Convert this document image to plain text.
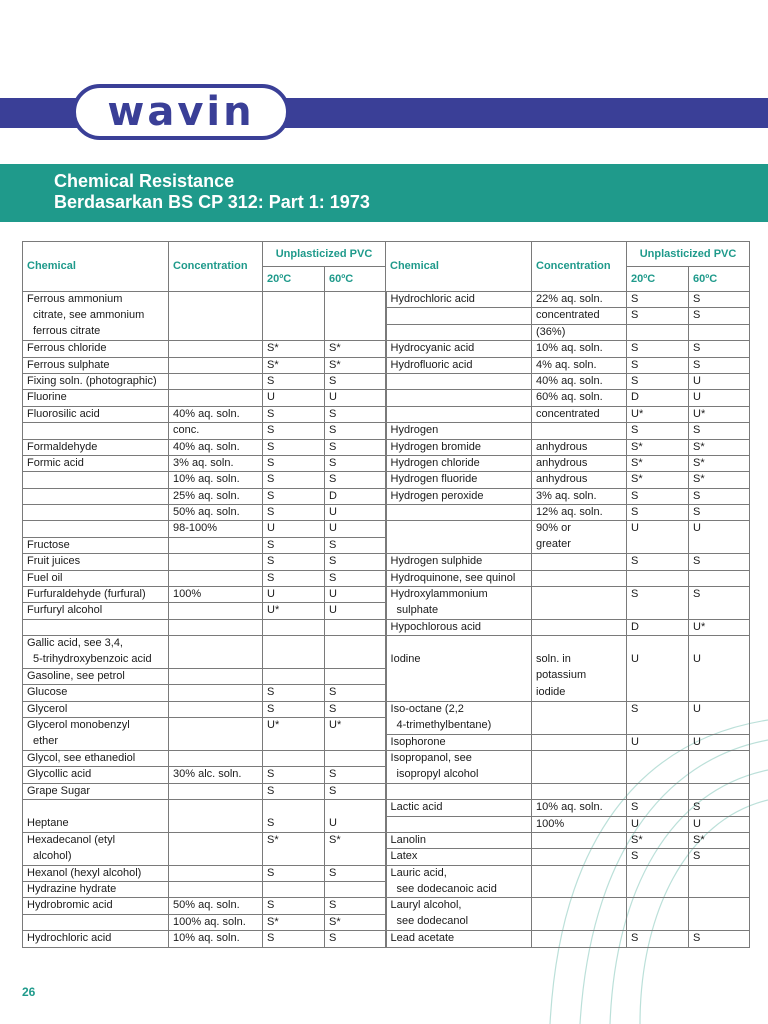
wavin
Chemical Resistance
Berdasarkan BS CP 312: Part 1: 1973
Chemical	Concentration	Unplasticized PVC		Chemical	Concentration	Unplasticized PVC	
		20ºC	60ºC			20ºC	60ºC
Ferrous ammonium				Hydrochloric acid	22% aq. soln.	S	S
citrate, see ammonium					concentrated	S	S
ferrous citrate					(36%)		
Ferrous chloride		S*	S*	Hydrocyanic acid	10% aq. soln.	S	S
Ferrous sulphate		S*	S*	Hydrofluoric acid	4% aq. soln.	S	S
Fixing soln. (photographic)		S	S		40% aq. soln.	S	U
Fluorine		U	U		60% aq. soln.	D	U
Fluorosilic acid	40% aq. soln.	S	S		concentrated	U*	U*
	conc.	S	S	Hydrogen		S	S
Formaldehyde	40% aq. soln.	S	S	Hydrogen bromide	anhydrous	S*	S*
Formic acid	3% aq. soln.	S	S	Hydrogen chloride	anhydrous	S*	S*
	10% aq. soln.	S	S	Hydrogen fluoride	anhydrous	S*	S*
	25% aq. soln.	S	D	Hydrogen peroxide	3% aq. soln.	S	S
	50% aq. soln.	S	U		12% aq. soln.	S	S
	98-100%	U	U		90% or	U	U
Fructose		S	S		greater		
Fruit juices		S	S	Hydrogen sulphide		S	S
Fuel oil		S	S	Hydroquinone, see quinol			
Furfuraldehyde (furfural)	100%	U	U	Hydroxylammonium		S	S
Furfuryl alcohol		U*	U	sulphate			
				Hypochlorous acid		D	U*
Gallic acid, see 3,4,							
5-trihydroxybenzoic acid				Iodine	soln. in	U	U
Gasoline, see petrol					potassium		
Glucose		S	S		iodide		
Glycerol		S	S	Iso-octane (2,2		S	U
Glycerol monobenzyl		U*	U*	4-trimethylbentane)			
ether				Isophorone		U	U
Glycol, see ethanediol				Isopropanol, see			
Glycollic acid	30% alc. soln.	S	S	isopropyl alcohol			
Grape Sugar		S	S				
				Lactic acid	10% aq. soln.	S	S
Heptane		S	U		100%	U	U
Hexadecanol (etyl		S*	S*	Lanolin		S*	S*
alcohol)				Latex		S	S
Hexanol (hexyl alcohol)		S	S	Lauric acid,			
Hydrazine hydrate				see dodecanoic acid			
Hydrobromic acid	50% aq. soln.	S	S	Lauryl alcohol,			
	100% aq. soln.	S*	S*	see dodecanol			
Hydrochloric acid	10% aq. soln.	S	S	Lead acetate		S	S
26
